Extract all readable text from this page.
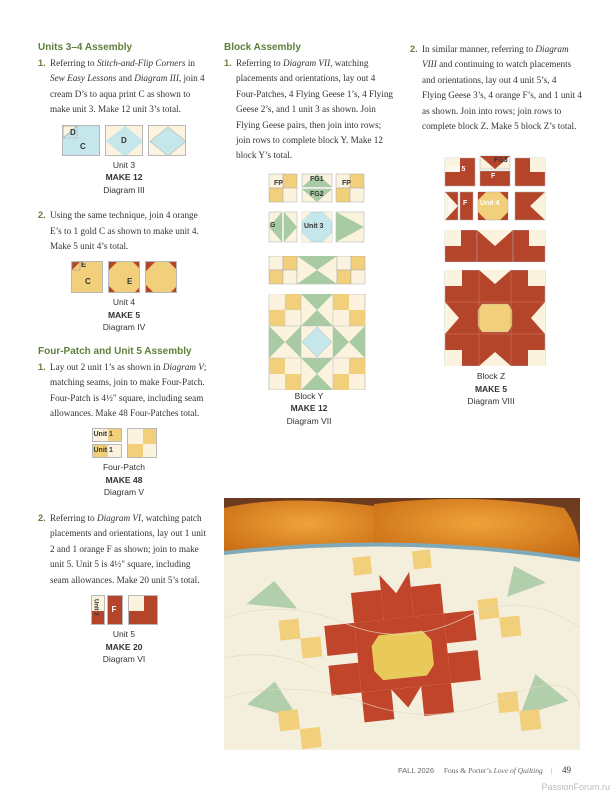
Units 3–4 Assembly
1. Referring to Stitch-and-Flip Corners in Sew Easy Lessons and Diagram III, join 4 cream D’s to aqua print C as shown to make unit 3. Make 12 unit 3’s total.
D
C
D
Unit 3
MAKE 12
Diagram III
2. Using the same technique, join 4 orange E’s to 1 gold C as shown to make unit 4. Make 5 unit 4’s total.
E
C	E
Unit 4
MAKE 5
Diagram IV
Four-Patch and Unit 5 Assembly
1. Lay out 2 unit 1’s as shown in Diagram V; matching seams, join to make Four-Patch. Four-Patch is 4½" square, including seam allowances. Make 48 Four-Patches total.
Unit 1
Unit 1
Four-Patch
MAKE 48
Diagram V
2. Referring to Diagram VI, watching patch placements and orientations, lay out 1 unit 2 and 1 orange F as shown; join to make unit 5. Unit 5 is 4½" square, including seam allowances. Make 20 unit 5’s total.
Unit 2 F
Unit 5
MAKE 20
Diagram VI
Block Assembly
1. Referring to Diagram VII, watching placements and orientations, lay out 4 Four-Patches, 4 Flying Geese 1’s, 4 Flying Geese 2’s, and 1 unit 3 as shown. Join Flying Geese pairs, then join into rows; join rows to complete block Y. Make 12 block Y’s total.
FP
FG1
FG2
FP
G	Unit 3
Block Y
MAKE 12
Diagram VII
2. In similar manner, referring to Diagram VIII and continuing to watch placements and orientations, lay out 4 unit 5’s, 4 Flying Geese 3’s, 4 orange F’s, and 1 unit 4 as shown. Join into rows; join rows to complete block Z. Make 5 block Z’s total.
FG3
Unit 5
F
FG3 F Unit 4
Block Z
MAKE 5
Diagram VIII
FALL 2026 Fons & Porter’s Love of Quilting | 49
PassionForum.ru
